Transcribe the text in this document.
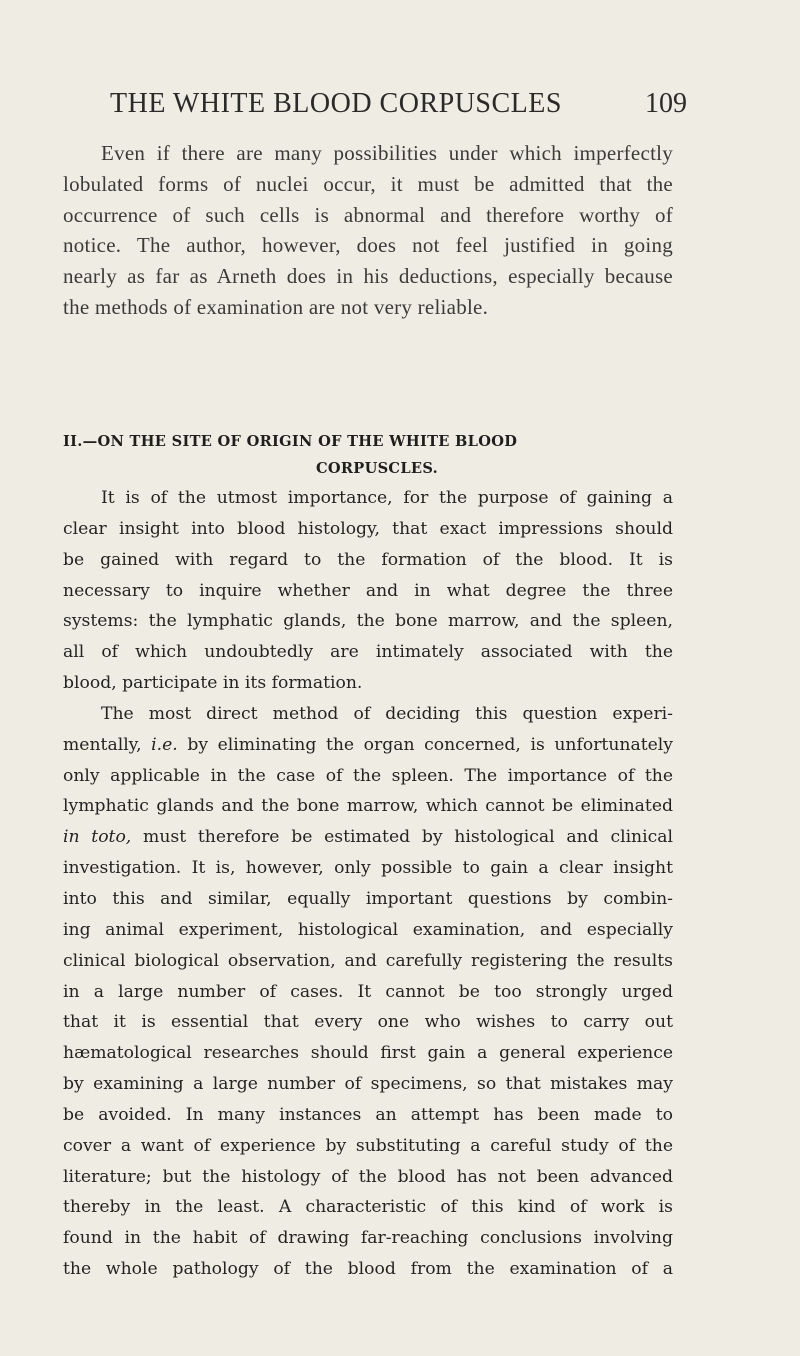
THE WHITE BLOOD CORPUSCLES	109
Even if there are many possibilities under which imperfectly
lobulated forms of nuclei occur, it must be admitted that the
occurrence of such cells is abnormal and therefore worthy of
notice. The author, however, does not feel justified in going
nearly as far as Arneth does in his deductions, especially because
the methods of examination are not very reliable.
II.—ON THE SITE OF ORIGIN OF THE WHITE BLOOD
CORPUSCLES.
It is of the utmost importance, for the purpose of gaining a
clear insight into blood histology, that exact impressions should
be gained with regard to the formation of the blood. It is
necessary to inquire whether and in what degree the three
systems: the lymphatic glands, the bone marrow, and the spleen,
all of which undoubtedly are intimately associated with the
blood, participate in its formation.
The most direct method of deciding this question experi-
mentally, i.e. by eliminating the organ concerned, is unfortunately
only applicable in the case of the spleen. The importance of the
lymphatic glands and the bone marrow, which cannot be eliminated
in toto, must therefore be estimated by histological and clinical
investigation. It is, however, only possible to gain a clear insight
into this and similar, equally important questions by combin-
ing animal experiment, histological examination, and especially
clinical biological observation, and carefully registering the results
in a large number of cases. It cannot be too strongly urged
that it is essential that every one who wishes to carry out
hæmatological researches should first gain a general experience
by examining a large number of specimens, so that mistakes may
be avoided. In many instances an attempt has been made to
cover a want of experience by substituting a careful study of the
literature; but the histology of the blood has not been advanced
thereby in the least. A characteristic of this kind of work is
found in the habit of drawing far-reaching conclusions involving
the whole pathology of the blood from the examination of a
